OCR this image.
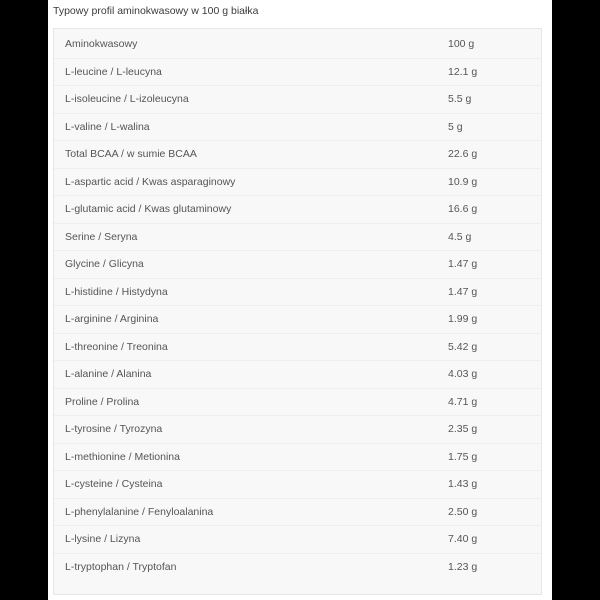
Typowy profil aminokwasowy w 100 g białka
Aminokwasowy	100 g
L-leucine / L-leucyna	12.1 g
L-isoleucine / L-izoleucyna	5.5 g
L-valine / L-walina	5 g
Total BCAA / w sumie BCAA	22.6 g
L-aspartic acid / Kwas asparaginowy	10.9 g
L-glutamic acid / Kwas glutaminowy	16.6 g
Serine / Seryna	4.5 g
Glycine / Glicyna	1.47 g
L-histidine / Histydyna	1.47 g
L-arginine / Arginina	1.99 g
L-threonine / Treonina	5.42 g
L-alanine / Alanina	4.03 g
Proline / Prolina	4.71 g
L-tyrosine / Tyrozyna	2.35 g
L-methionine / Metionina	1.75 g
L-cysteine / Cysteina	1.43 g
L-phenylalanine / Fenyloalanina	2.50 g
L-lysine / Lizyna	7.40 g
L-tryptophan / Tryptofan	1.23 g
